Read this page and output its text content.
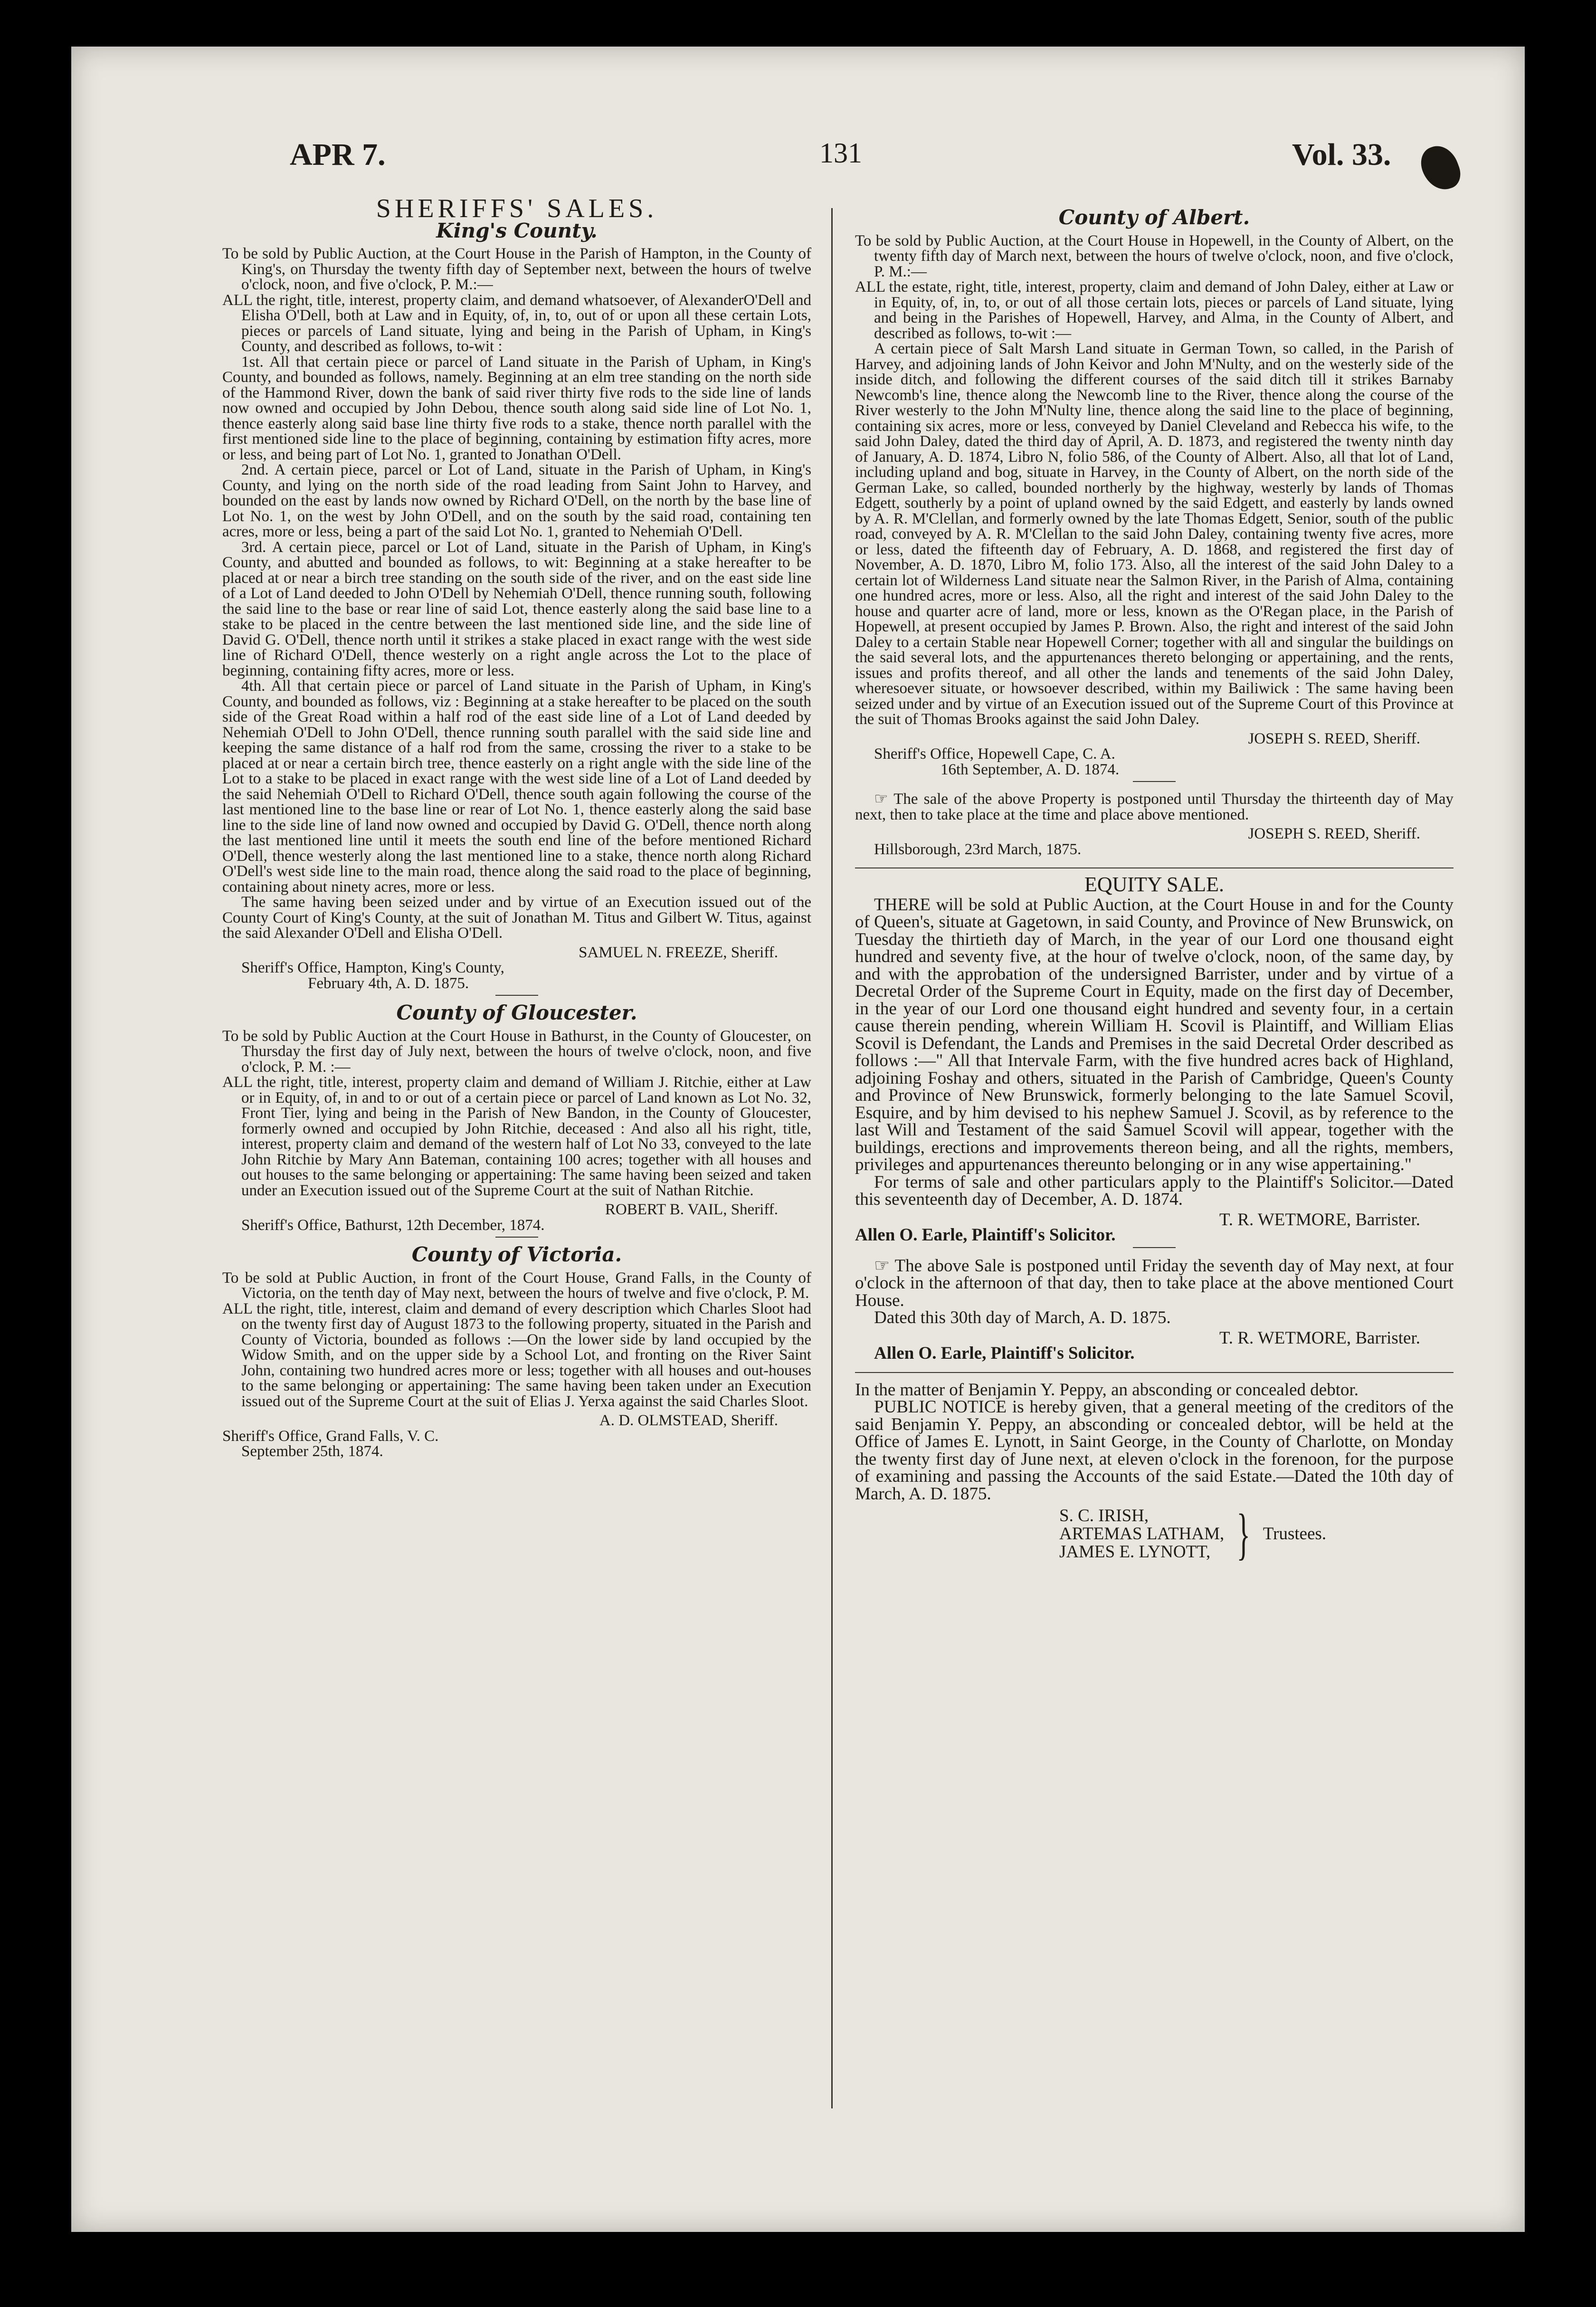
APR 7.	131	Vol. 33.
SHERIFFS' SALES.
King's County.

To be sold by Public Auction, at the Court House in the Parish of Hampton, in the County of King's, on Thursday the twenty fifth day of September next, between the hours of twelve o'clock, noon, and five o'clock, P. M.:—

ALL the right, title, interest, property claim, and demand whatsoever, of AlexanderO'Dell and Elisha O'Dell, both at Law and in Equity, of, in, to, out of or upon all these certain Lots, pieces or parcels of Land situate, lying and being in the Parish of Upham, in King's County, and described as follows, to-wit :

1st. All that certain piece or parcel of Land situate in the Parish of Upham, in King's County, and bounded as follows, namely. Beginning at an elm tree standing on the north side of the Hammond River, down the bank of said river thirty five rods to the side line of lands now owned and occupied by John Debou, thence south along said side line of Lot No. 1, thence easterly along said base line thirty five rods to a stake, thence north parallel with the first mentioned side line to the place of beginning, containing by estimation fifty acres, more or less, and being part of Lot No. 1, granted to Jonathan O'Dell.

2nd. A certain piece, parcel or Lot of Land, situate in the Parish of Upham, in King's County, and lying on the north side of the road leading from Saint John to Harvey, and bounded on the east by lands now owned by Richard O'Dell, on the north by the base line of Lot No. 1, on the west by John O'Dell, and on the south by the said road, containing ten acres, more or less, being a part of the said Lot No. 1, granted to Nehemiah O'Dell.

3rd. A certain piece, parcel or Lot of Land, situate in the Parish of Upham, in King's County, and abutted and bounded as follows, to wit: Beginning at a stake hereafter to be placed at or near a birch tree standing on the south side of the river, and on the east side line of a Lot of Land deeded to John O'Dell by Nehemiah O'Dell, thence running south, following the said line to the base or rear line of said Lot, thence easterly along the said base line to a stake to be placed in the centre between the last mentioned side line, and the side line of David G. O'Dell, thence north until it strikes a stake placed in exact range with the west side line of Richard O'Dell, thence westerly on a right angle across the Lot to the place of beginning, containing fifty acres, more or less.

4th. All that certain piece or parcel of Land situate in the Parish of Upham, in King's County, and bounded as follows, viz : Beginning at a stake hereafter to be placed on the south side of the Great Road within a half rod of the east side line of a Lot of Land deeded by Nehemiah O'Dell to John O'Dell, thence running south parallel with the said side line and keeping the same distance of a half rod from the same, crossing the river to a stake to be placed at or near a certain birch tree, thence easterly on a right angle with the side line of the Lot to a stake to be placed in exact range with the west side line of a Lot of Land deeded by the said Nehemiah O'Dell to Richard O'Dell, thence south again following the course of the last mentioned line to the base line or rear of Lot No. 1, thence easterly along the said base line to the side line of land now owned and occupied by David G. O'Dell, thence north along the last mentioned line until it meets the south end line of the before mentioned Richard O'Dell, thence westerly along the last mentioned line to a stake, thence north along Richard O'Dell's west side line to the main road, thence along the said road to the place of beginning, containing about ninety acres, more or less.

The same having been seized under and by virtue of an Execution issued out of the County Court of King's County, at the suit of Jonathan M. Titus and Gilbert W. Titus, against the said Alexander O'Dell and Elisha O'Dell.

SAMUEL N. FREEZE, Sheriff.
Sheriff's Office, Hampton, King's County,
February 4th, A. D. 1875.
County of Gloucester.

To be sold by Public Auction at the Court House in Bathurst, in the County of Gloucester, on Thursday the first day of July next, between the hours of twelve o'clock, noon, and five o'clock, P. M. :—

ALL the right, title, interest, property claim and demand of William J. Ritchie, either at Law or in Equity, of, in and to or out of a certain piece or parcel of Land known as Lot No. 32, Front Tier, lying and being in the Parish of New Bandon, in the County of Gloucester, formerly owned and occupied by John Ritchie, deceased : And also all his right, title, interest, property claim and demand of the western half of Lot No 33, conveyed to the late John Ritchie by Mary Ann Bateman, containing 100 acres; together with all houses and out houses to the same belonging or appertaining: The same having been seized and taken under an Execution issued out of the Supreme Court at the suit of Nathan Ritchie.

ROBERT B. VAIL, Sheriff.
Sheriff's Office, Bathurst, 12th December, 1874.
County of Victoria.

To be sold at Public Auction, in front of the Court House, Grand Falls, in the County of Victoria, on the tenth day of May next, between the hours of twelve and five o'clock, P. M.

ALL the right, title, interest, claim and demand of every description which Charles Sloot had on the twenty first day of August 1873 to the following property, situated in the Parish and County of Victoria, bounded as follows :—On the lower side by land occupied by the Widow Smith, and on the upper side by a School Lot, and fronting on the River Saint John, containing two hundred acres more or less; together with all houses and out-houses to the same belonging or appertaining: The same having been taken under an Execution issued out of the Supreme Court at the suit of Elias J. Yerxa against the said Charles Sloot.

A. D. OLMSTEAD, Sheriff.
Sheriff's Office, Grand Falls, V. C.
September 25th, 1874.
County of Albert.

To be sold by Public Auction, at the Court House in Hopewell, in the County of Albert, on the twenty fifth day of March next, between the hours of twelve o'clock, noon, and five o'clock, P. M.:—

ALL the estate, right, title, interest, property, claim and demand of John Daley, either at Law or in Equity, of, in, to, or out of all those certain lots, pieces or parcels of Land situate, lying and being in the Parishes of Hopewell, Harvey, and Alma, in the County of Albert, and described as follows, to-wit :—

A certain piece of Salt Marsh Land situate in German Town, so called, in the Parish of Harvey, and adjoining lands of John Keivor and John M'Nulty, and on the westerly side of the inside ditch, and following the different courses of the said ditch till it strikes Barnaby Newcomb's line, thence along the Newcomb line to the River, thence along the course of the River westerly to the John M'Nulty line, thence along the said line to the place of beginning, containing six acres, more or less, conveyed by Daniel Cleveland and Rebecca his wife, to the said John Daley, dated the third day of April, A. D. 1873, and registered the twenty ninth day of January, A. D. 1874, Libro N, folio 586, of the County of Albert. Also, all that lot of Land, including upland and bog, situate in Harvey, in the County of Albert, on the north side of the German Lake, so called, bounded northerly by the highway, westerly by lands of Thomas Edgett, southerly by a point of upland owned by the said Edgett, and easterly by lands owned by A. R. M'Clellan, and formerly owned by the late Thomas Edgett, Senior, south of the public road, conveyed by A. R. M'Clellan to the said John Daley, containing twenty five acres, more or less, dated the fifteenth day of February, A. D. 1868, and registered the first day of November, A. D. 1870, Libro M, folio 173. Also, all the interest of the said John Daley to a certain lot of Wilderness Land situate near the Salmon River, in the Parish of Alma, containing one hundred acres, more or less. Also, all the right and interest of the said John Daley to the house and quarter acre of land, more or less, known as the O'Regan place, in the Parish of Hopewell, at present occupied by James P. Brown. Also, the right and interest of the said John Daley to a certain Stable near Hopewell Corner; together with all and singular the buildings on the said several lots, and the appurtenances thereto belonging or appertaining, and the rents, issues and profits thereof, and all other the lands and tenements of the said John Daley, wheresoever situate, or howsoever described, within my Bailiwick : The same having been seized under and by virtue of an Execution issued out of the Supreme Court of this Province at the suit of Thomas Brooks against the said John Daley.

JOSEPH S. REED, Sheriff.
Sheriff's Office, Hopewell Cape, C. A.
16th September, A. D. 1874.

☞ The sale of the above Property is postponed until Thursday the thirteenth day of May next, then to take place at the time and place above mentioned.

JOSEPH S. REED, Sheriff.
Hillsborough, 23rd March, 1875.
EQUITY SALE.

THERE will be sold at Public Auction, at the Court House in and for the County of Queen's, situate at Gagetown, in said County, and Province of New Brunswick, on Tuesday the thirtieth day of March, in the year of our Lord one thousand eight hundred and seventy five, at the hour of twelve o'clock, noon, of the same day, by and with the approbation of the undersigned Barrister, under and by virtue of a Decretal Order of the Supreme Court in Equity, made on the first day of December, in the year of our Lord one thousand eight hundred and seventy four, in a certain cause therein pending, wherein William H. Scovil is Plaintiff, and William Elias Scovil is Defendant, the Lands and Premises in the said Decretal Order described as follows :—" All that Intervale Farm, with the five hundred acres back of Highland, adjoining Foshay and others, situated in the Parish of Cambridge, Queen's County and Province of New Brunswick, formerly belonging to the late Samuel Scovil, Esquire, and by him devised to his nephew Samuel J. Scovil, as by reference to the last Will and Testament of the said Samuel Scovil will appear, together with the buildings, erections and improvements thereon being, and all the rights, members, privileges and appurtenances thereunto belonging or in any wise appertaining."

For terms of sale and other particulars apply to the Plaintiff's Solicitor.—Dated this seventeenth day of December, A. D. 1874.

T. R. WETMORE, Barrister.
Allen O. Earle, Plaintiff's Solicitor.

☞ The above Sale is postponed until Friday the seventh day of May next, at four o'clock in the afternoon of that day, then to take place at the above mentioned Court House.

Dated this 30th day of March, A. D. 1875.

T. R. WETMORE, Barrister.
Allen O. Earle, Plaintiff's Solicitor.

In the matter of Benjamin Y. Peppy, an absconding or concealed debtor.

PUBLIC NOTICE is hereby given, that a general meeting of the creditors of the said Benjamin Y. Peppy, an absconding or concealed debtor, will be held at the Office of James E. Lynott, in Saint George, in the County of Charlotte, on Monday the twenty first day of June next, at eleven o'clock in the forenoon, for the purpose of examining and passing the Accounts of the said Estate.—Dated the 10th day of March, A. D. 1875.

S. C. IRISH,
ARTEMAS LATHAM,
JAMES E. LYNOTT, } Trustees.
